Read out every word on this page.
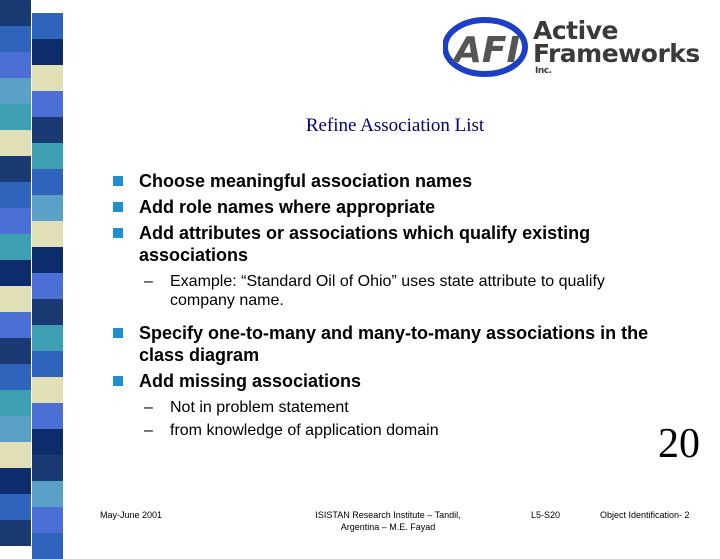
AFI Active
Frameworks
Inc.
Refine Association List
Choose meaningful association names
Add role names where appropriate
Add attributes or associations which qualify existing associations
– Example: “Standard Oil of Ohio” uses state attribute to qualify company name.
Specify one-to-many and many-to-many associations in the class diagram
Add missing associations
– Not in problem statement
– from knowledge of application domain	20
May-June 2001	ISISTAN Research Institute – Tandil,
Argentina – M.E. Fayad
L5-S20	Object Identification- 2
